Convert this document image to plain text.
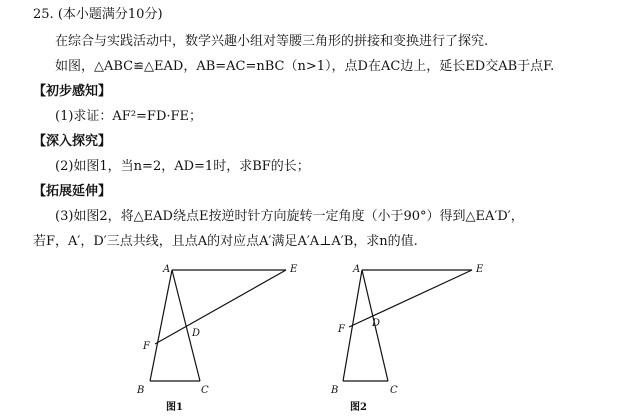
25. (本小题满分10分)
在综合与实践活动中，数学兴趣小组对等腰三角形的拼接和变换进行了探究.
如图，△ABC≌△EAD，AB=AC=nBC（n>1），点D在AC边上，延长ED交AB于点F.
【初步感知】
(1)求证：AF²=FD·FE；
【深入探究】
(2)如图1，当n=2，AD=1时，求BF的长；
【拓展延伸】
(3)如图2，将△EAD绕点E按逆时针方向旋转一定角度（小于90°）得到△EA′D′，
若F，A′，D′三点共线，且点A的对应点A′满足A′A⊥A′B，求n的值.
A	E
D
F
B	C
图1
A	E
D
F
B	C
图2
